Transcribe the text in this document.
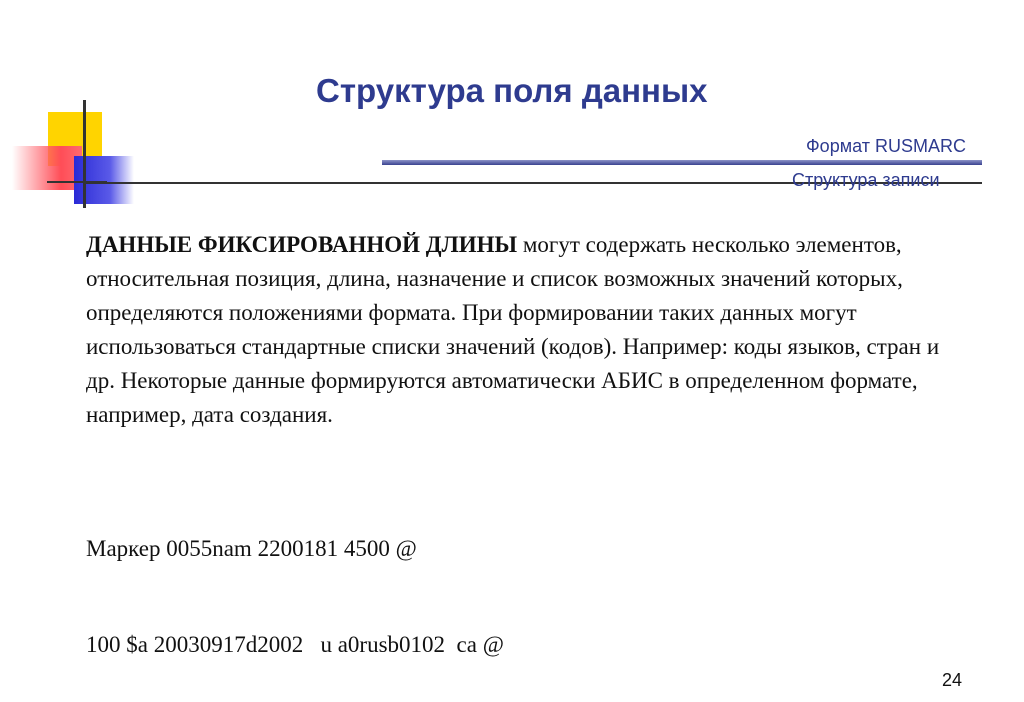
Структура поля данных
Формат RUSMARC
Структура записи
ДАННЫЕ ФИКСИРОВАННОЙ ДЛИНЫ могут содержать несколько элементов, относительная позиция, длина, назначение и список возможных значений которых, определяются положениями формата. При формировании таких данных могут использоваться стандартные списки значений (кодов). Например: коды языков, стран и др. Некоторые данные формируются автоматически АБИС в определенном формате, например, дата создания.
Маркер 0055nam 2200181 4500 @
100 $a 20030917d2002   u a0rusb0102  ca @
24
